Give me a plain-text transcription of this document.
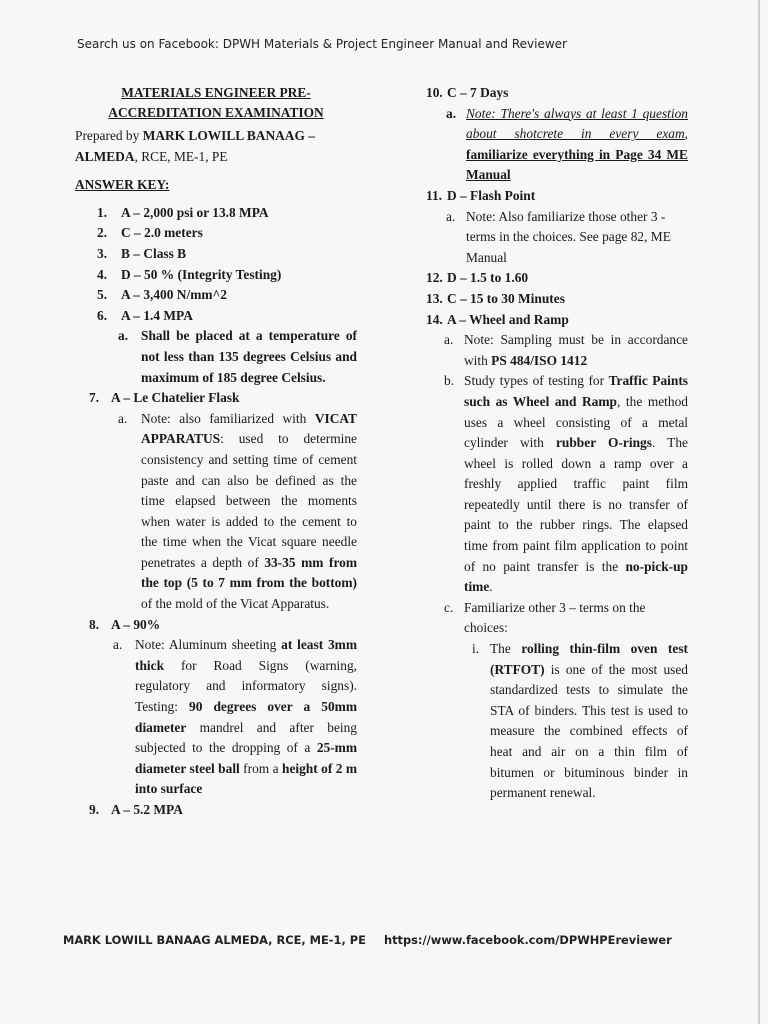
Search us on Facebook: DPWH Materials & Project Engineer Manual and Reviewer
MATERIALS ENGINEER PRE-ACCREDITATION EXAMINATION
Prepared by MARK LOWILL BANAAG – ALMEDA, RCE, ME-1, PE
ANSWER KEY:
1. A – 2,000 psi or 13.8 MPA
2. C – 2.0 meters
3. B – Class B
4. D – 50 % (Integrity Testing)
5. A – 3,400 N/mm^2
6. A – 1.4 MPA
a. Shall be placed at a temperature of not less than 135 degrees Celsius and maximum of 185 degree Celsius.
7. A – Le Chatelier Flask
a. Note: also familiarized with VICAT APPARATUS: used to determine consistency and setting time of cement paste and can also be defined as the time elapsed between the moments when water is added to the cement to the time when the Vicat square needle penetrates a depth of 33-35 mm from the top (5 to 7 mm from the bottom) of the mold of the Vicat Apparatus.
8. A – 90%
a. Note: Aluminum sheeting at least 3mm thick for Road Signs (warning, regulatory and informatory signs). Testing: 90 degrees over a 50mm diameter mandrel and after being subjected to the dropping of a 25-mm diameter steel ball from a height of 2 m into surface
9. A – 5.2 MPA
10. C – 7 Days
a. Note: There's always at least 1 question about shotcrete in every exam, familiarize everything in Page 34 ME Manual
11. D – Flash Point
a. Note: Also familiarize those other 3 - terms in the choices. See page 82, ME Manual
12. D – 1.5 to 1.60
13. C – 15 to 30 Minutes
14. A – Wheel and Ramp
a. Note: Sampling must be in accordance with PS 484/ISO 1412
b. Study types of testing for Traffic Paints such as Wheel and Ramp, the method uses a wheel consisting of a metal cylinder with rubber O-rings. The wheel is rolled down a ramp over a freshly applied traffic paint film repeatedly until there is no transfer of paint to the rubber rings. The elapsed time from paint film application to point of no paint transfer is the no-pick-up time.
c. Familiarize other 3 – terms on the choices:
i. The rolling thin-film oven test (RTFOT) is one of the most used standardized tests to simulate the STA of binders. This test is used to measure the combined effects of heat and air on a thin film of bitumen or bituminous binder in permanent renewal.
MARK LOWILL BANAAG ALMEDA, RCE, ME-1, PE https://www.facebook.com/DPWHPEreviewer
